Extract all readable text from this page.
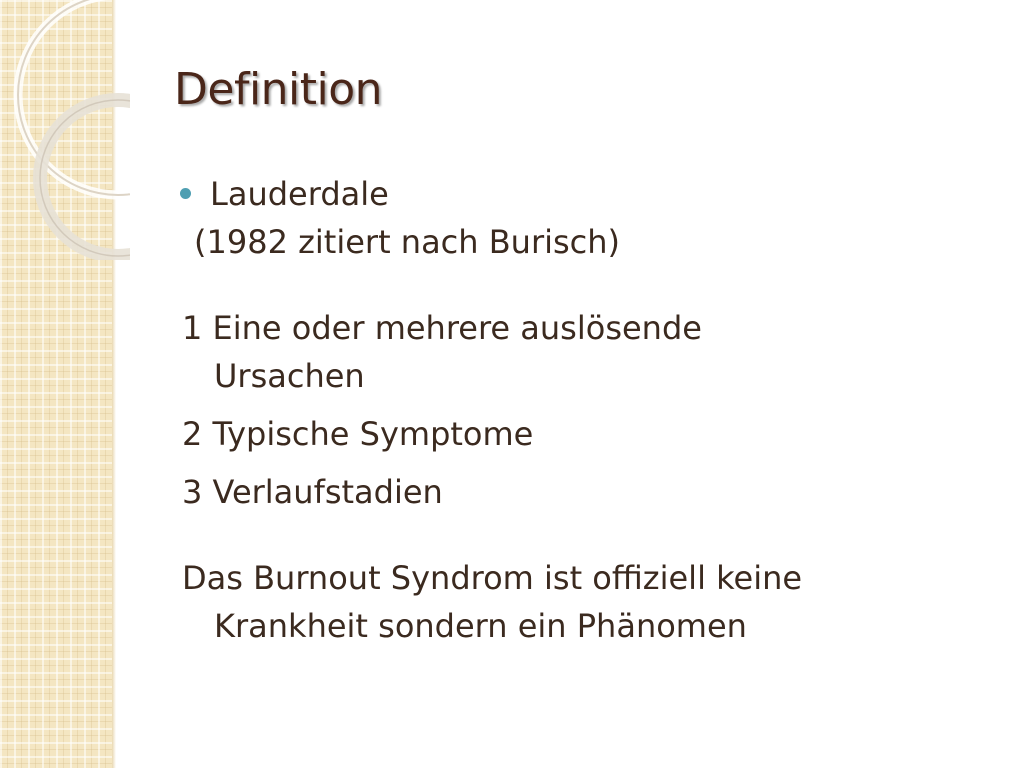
Definition
Lauderdale
(1982 zitiert nach Burisch)
1 Eine oder mehrere auslösende
Ursachen
2 Typische Symptome
3 Verlaufstadien
Das Burnout Syndrom ist offiziell keine
Krankheit sondern ein Phänomen
